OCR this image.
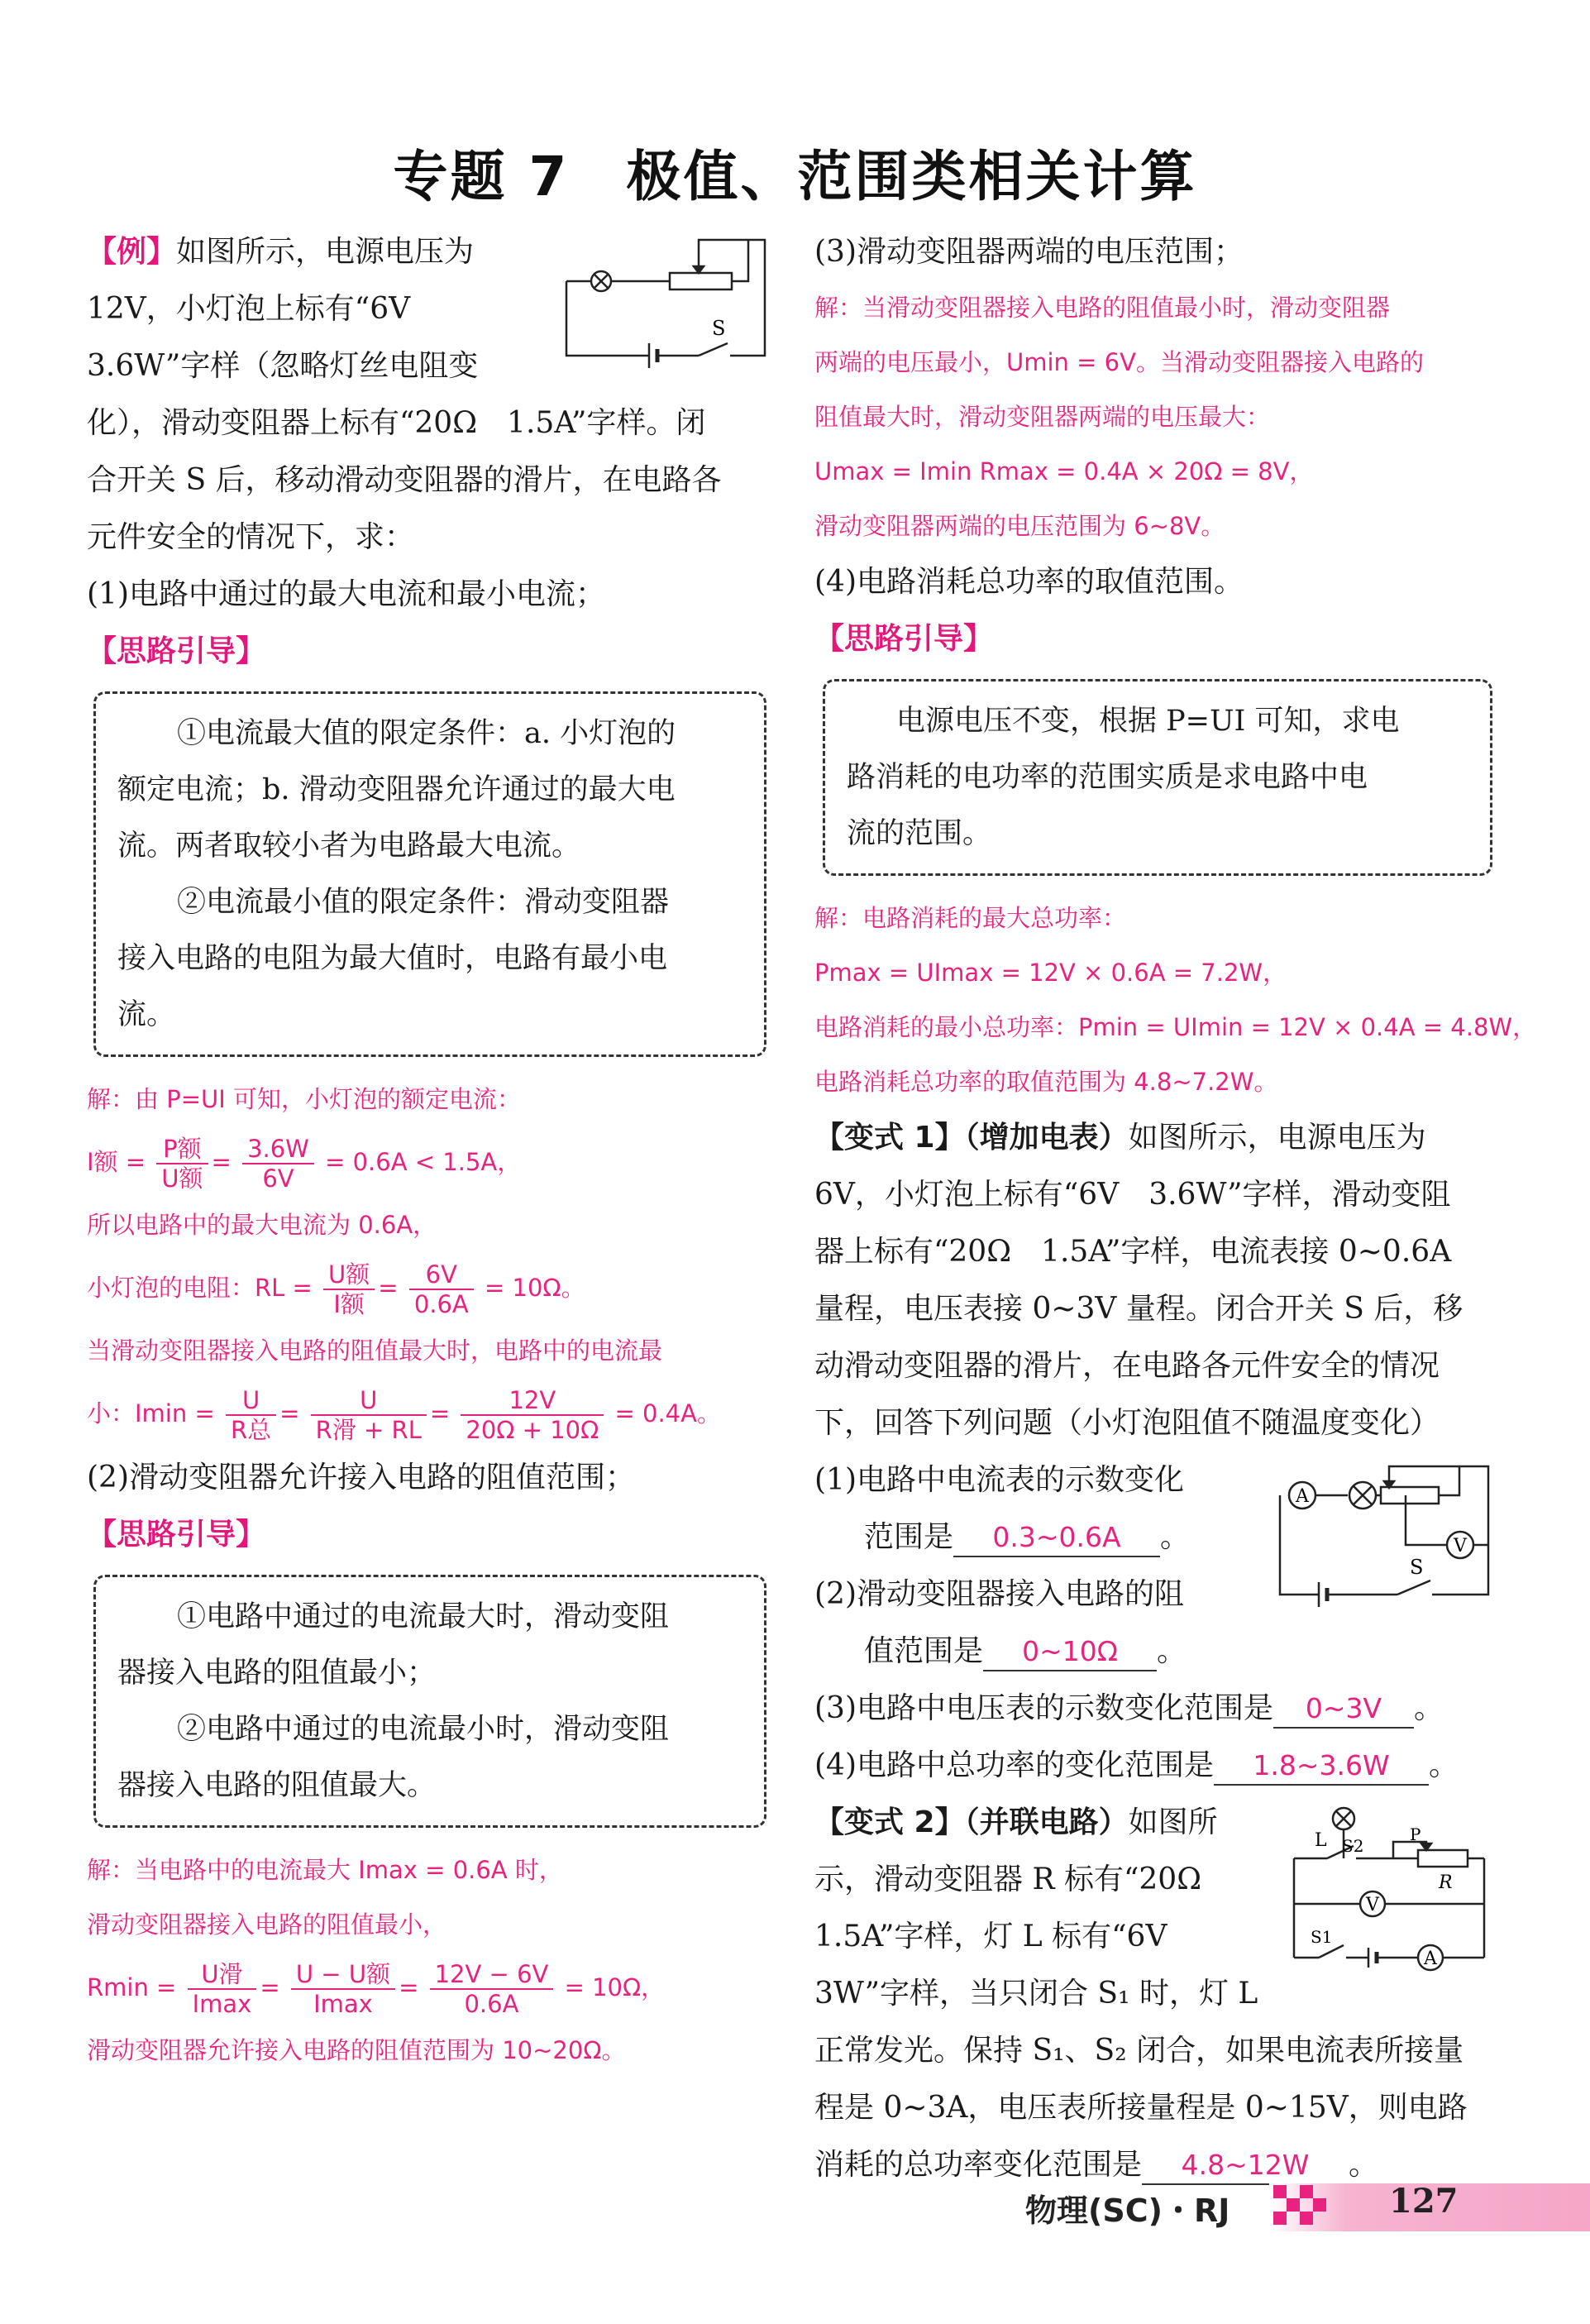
专题 7　极值、范围类相关计算
S
【例】如图所示，电源电压为
12V，小灯泡上标有“6V
3.6W”字样（忽略灯丝电阻变
化），滑动变阻器上标有“20Ω　1.5A”字样。闭
合开关 S 后，移动滑动变阻器的滑片，在电路各
元件安全的情况下，求：
(1)电路中通过的最大电流和最小电流；
【思路引导】
①电流最大值的限定条件：a. 小灯泡的
额定电流；b. 滑动变阻器允许通过的最大电
流。两者取较小者为电路最大电流。
②电流最小值的限定条件：滑动变阻器
接入电路的电阻为最大值时，电路有最小电
流。
解：由 P=UI 可知，小灯泡的额定电流：
I额 = $\frac{\text{P额}}{\text{U额}} = \frac{3.6W}{6V} = 0.6A < 1.5A$，
所以电路中的最大电流为 0.6A，
小灯泡的电阻：RL = $\frac{\text{U额}}{\text{I额}} = \frac{6V}{0.6A} = 10\Omega$。
当滑动变阻器接入电路的阻值最大时，电路中的电流最
小：$Imin = \frac{U}{\text{R总}} = \frac{U}{\text{R滑 + RL}} = \frac{12V}{20\Omega + 10\Omega} = 0.4A$。
(2)滑动变阻器允许接入电路的阻值范围；
【思路引导】
①电路中通过的电流最大时，滑动变阻
器接入电路的阻值最小；
②电路中通过的电流最小时，滑动变阻
器接入电路的阻值最大。
解：当电路中的电流最大 Imax = 0.6A 时，
滑动变阻器接入电路的阻值最小，
$Rmin = \frac{\text{U滑}}{Imax} = \frac{\text{U − U额}}{Imax} = \frac{12V - 6V}{0.6A} = 10\Omega$，
滑动变阻器允许接入电路的阻值范围为 10~20Ω。
(3)滑动变阻器两端的电压范围；
解：当滑动变阻器接入电路的阻值最小时，滑动变阻器
两端的电压最小，Umin = 6V。当滑动变阻器接入电路的
阻值最大时，滑动变阻器两端的电压最大：
Umax = Imin Rmax = 0.4A × 20Ω = 8V，
滑动变阻器两端的电压范围为 6~8V。
(4)电路消耗总功率的取值范围。
【思路引导】
电源电压不变，根据 P=UI 可知，求电
路消耗的电功率的范围实质是求电路中电
流的范围。
解：电路消耗的最大总功率：
Pmax = UImax = 12V × 0.6A = 7.2W，
电路消耗的最小总功率：Pmin = UImin = 12V × 0.4A = 4.8W，
电路消耗总功率的取值范围为 4.8~7.2W。
【变式 1】（增加电表）如图所示，电源电压为
6V，小灯泡上标有“6V　3.6W”字样，滑动变阻
器上标有“20Ω　1.5A”字样，电流表接 0~0.6A
量程，电压表接 0~3V 量程。闭合开关 S 后，移
动滑动变阻器的滑片，在电路各元件安全的情况
下，回答下列问题（小灯泡阻值不随温度变化）
A
V
S
(1)电路中电流表的示数变化
范围是 0.3~0.6A 。
(2)滑动变阻器接入电路的阻
值范围是 0~10Ω 。
(3)电路中电压表的示数变化范围是 0~3V 。
(4)电路中总功率的变化范围是 1.8~3.6W 。
L S2
P
R
V
S1
A
【变式 2】（并联电路）如图所
示，滑动变阻器 R 标有“20Ω
1.5A”字样，灯 L 标有“6V
3W”字样，当只闭合 S₁ 时，灯 L
正常发光。保持 S₁、S₂ 闭合，如果电流表所接量
程是 0~3A，电压表所接量程是 0~15V，则电路
消耗的总功率变化范围是 4.8~12W 。
物理(SC)・RJ	127
